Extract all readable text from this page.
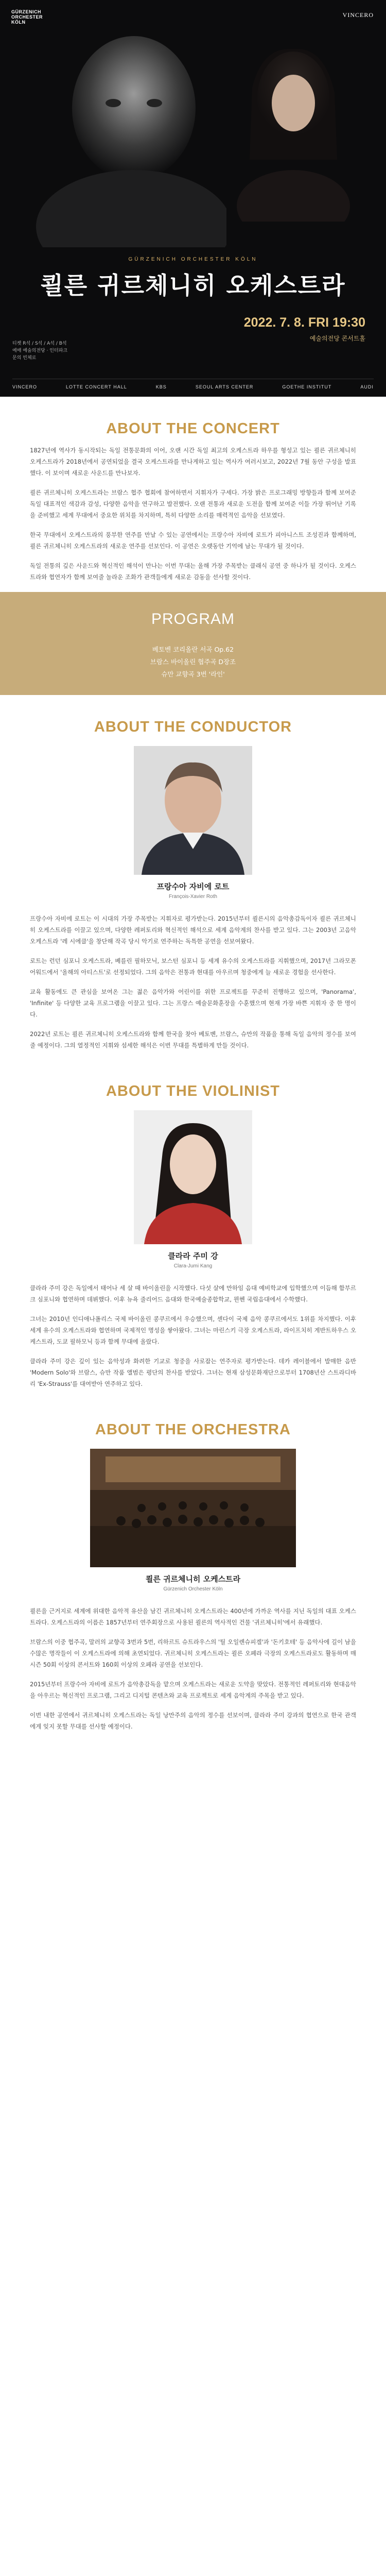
GÜRZENICH
ORCHESTER
KÖLN
VINCERO
GÜRZENICH ORCHESTER KÖLN
쾰른 귀르체니히 오케스트라
2022. 7. 8. FRI 19:30
예술의전당 콘서트홀
티켓 R석 / S석 / A석 / B석
예매 예술의전당 · 인터파크
문의 빈체로
VINCERO	LOTTE CONCERT HALL	KBS	SEOUL ARTS CENTER	GOETHE INSTITUT	AUDI
ABOUT THE CONCERT

1827년에 역사가 동시작되는 독일 전통문화의 이어, 오랜 시간 독일 최고의 오케스트라 하우를 형성고 있는 쾰른 귀르체니히 오케스트라가 2018년에서 공연되었을 결국 오케스트라를 만나게하고 있는 역사가 여러시보고, 2022년 7월 동안 구성을 발표했다. 이 보이며 새로운 사운드를 만나보자.

쾰른 귀르체니히 오케스트라는 브람스 협주 협회에 참여하면서 지휘자가 구세다. 가장 밝은 프로그래밍 방향들과 함께 보여준 독일 대표적인 색감과 감성, 다양한 음악을 연구하고 발전했다. 오랜 전통과 새로운 도전을 함께 보여준 이들 가장 뛰어난 기록을 준비했고 세계 무대에서 중요한 위치를 차지하며, 특히 다양한 소리를 매력적인 음악을 선보였다.

한국 무대에서 오케스트라의 풍부한 연주를 만날 수 있는 공연에서는 프랑수아 자비에 로트가 피아니스트 조성진과 함께하며, 쾰른 귀르체니히 오케스트라의 새로운 연주를 선보인다. 이 공연은 오랫동안 기억에 남는 무대가 될 것이다.

독일 전통의 깊은 사운드와 혁신적인 해석이 만나는 이번 무대는 올해 가장 주목받는 클래식 공연 중 하나가 될 것이다. 오케스트라와 협연자가 함께 보여줄 놀라운 조화가 관객들에게 새로운 감동을 선사할 것이다.

PROGRAM
베토벤 코리올란 서곡 Op.62
브람스 바이올린 협주곡 D장조
슈만 교향곡 3번 '라인'
ABOUT THE CONDUCTOR
프랑수아 자비에 로트
François-Xavier Roth

프랑수아 자비에 로트는 이 시대의 가장 주목받는 지휘자로 평가받는다. 2015년부터 쾰른시의 음악총감독이자 쾰른 귀르체니히 오케스트라를 이끌고 있으며, 다양한 레퍼토리와 혁신적인 해석으로 세계 음악계의 찬사를 받고 있다. 그는 2003년 고음악 오케스트라 '레 시에클'을 창단해 작곡 당시 악기로 연주하는 독특한 공연을 선보여왔다.

로트는 런던 심포니 오케스트라, 베를린 필하모닉, 보스턴 심포니 등 세계 유수의 오케스트라를 지휘했으며, 2017년 그라모폰 어워드에서 '올해의 아티스트'로 선정되었다. 그의 음악은 전통과 현대를 아우르며 청중에게 늘 새로운 경험을 선사한다.

교육 활동에도 큰 관심을 보여온 그는 젊은 음악가와 어린이를 위한 프로젝트를 꾸준히 진행하고 있으며, 'Panorama', 'Infinite' 등 다양한 교육 프로그램을 이끌고 있다. 그는 프랑스 예술문화훈장을 수훈했으며 현재 가장 바쁜 지휘자 중 한 명이다.

2022년 로트는 쾰른 귀르체니히 오케스트라와 함께 한국을 찾아 베토벤, 브람스, 슈만의 작품을 통해 독일 음악의 정수를 보여줄 예정이다. 그의 열정적인 지휘와 섬세한 해석은 이번 무대를 특별하게 만들 것이다.

ABOUT THE VIOLINIST
클라라 주미 강
Clara-Jumi Kang

클라라 주미 강은 독일에서 태어나 세 살 때 바이올린을 시작했다. 다섯 살에 만하임 음대 예비학교에 입학했으며 이듬해 함부르크 심포니와 협연하며 데뷔했다. 이후 뉴욕 줄리어드 음대와 한국예술종합학교, 뮌헨 국립음대에서 수학했다.

그녀는 2010년 인디애나폴리스 국제 바이올린 콩쿠르에서 우승했으며, 센다이 국제 음악 콩쿠르에서도 1위를 차지했다. 이후 세계 유수의 오케스트라와 협연하며 국제적인 명성을 쌓아왔다. 그녀는 마린스키 극장 오케스트라, 라이프치히 게반트하우스 오케스트라, 도쿄 필하모닉 등과 함께 무대에 올랐다.

클라라 주미 강은 깊이 있는 음악성과 화려한 기교로 청중을 사로잡는 연주자로 평가받는다. 데카 레이블에서 발매한 음반 'Modern Solo'와 브람스, 슈만 작품 앨범은 평단의 찬사를 받았다. 그녀는 현재 삼성문화재단으로부터 1708년산 스트라디바리 'Ex-Strauss'를 대여받아 연주하고 있다.

ABOUT THE ORCHESTRA
쾰른 귀르체니히 오케스트라
Gürzenich Orchester Köln

쾰른을 근거지로 세계에 위대한 음악적 유산을 남긴 귀르체니히 오케스트라는 400년에 가까운 역사를 지닌 독일의 대표 오케스트라다. 오케스트라의 이름은 1857년부터 연주회장으로 사용된 쾰른의 역사적인 건물 '귀르체니히'에서 유래했다.

브람스의 이중 협주곡, 말러의 교향곡 3번과 5번, 리하르트 슈트라우스의 '틸 오일렌슈피겔'과 '돈키호테' 등 음악사에 길이 남을 수많은 명작들이 이 오케스트라에 의해 초연되었다. 귀르체니히 오케스트라는 쾰른 오페라 극장의 오케스트라로도 활동하며 매 시즌 50회 이상의 콘서트와 160회 이상의 오페라 공연을 선보인다.

2015년부터 프랑수아 자비에 로트가 음악총감독을 맡으며 오케스트라는 새로운 도약을 맞았다. 전통적인 레퍼토리와 현대음악을 아우르는 혁신적인 프로그램, 그리고 디지털 콘텐츠와 교육 프로젝트로 세계 음악계의 주목을 받고 있다.

이번 내한 공연에서 귀르체니히 오케스트라는 독일 낭만주의 음악의 정수를 선보이며, 클라라 주미 강과의 협연으로 한국 관객에게 잊지 못할 무대를 선사할 예정이다.
